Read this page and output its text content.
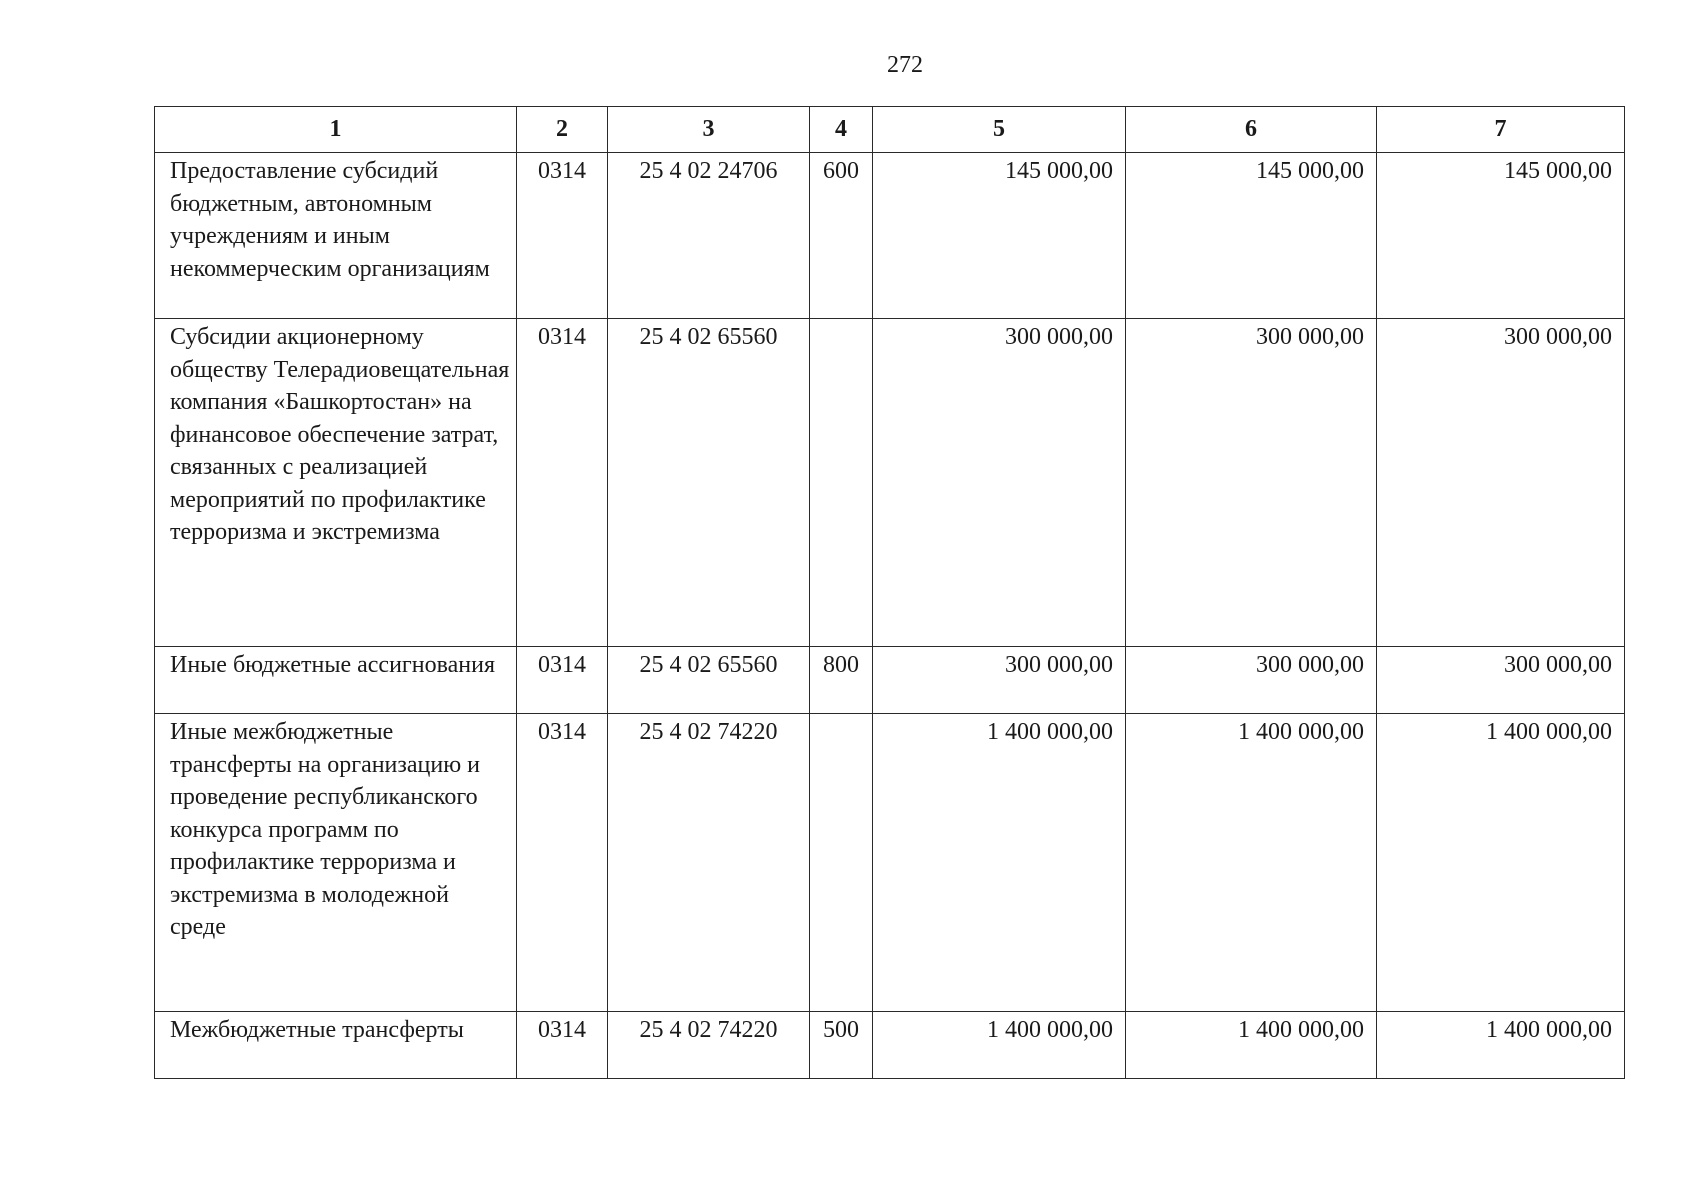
272
1	2	3	4	5	6	7
Предоставление субсидий бюджетным, автономным учреждениям и иным некоммерческим организациям	0314	25 4 02 24706	600	145 000,00	145 000,00	145 000,00
Субсидии акционерному обществу Телерадиовещательная компания «Башкортостан» на финансовое обеспечение затрат, связанных с реализацией мероприятий по профилактике терроризма и экстремизма	0314	25 4 02 65560		300 000,00	300 000,00	300 000,00
Иные бюджетные ассигнования	0314	25 4 02 65560	800	300 000,00	300 000,00	300 000,00
Иные межбюджетные трансферты на организацию и проведение республиканского конкурса программ по профилактике терроризма и экстремизма в молодежной среде	0314	25 4 02 74220		1 400 000,00	1 400 000,00	1 400 000,00
Межбюджетные трансферты	0314	25 4 02 74220	500	1 400 000,00	1 400 000,00	1 400 000,00
